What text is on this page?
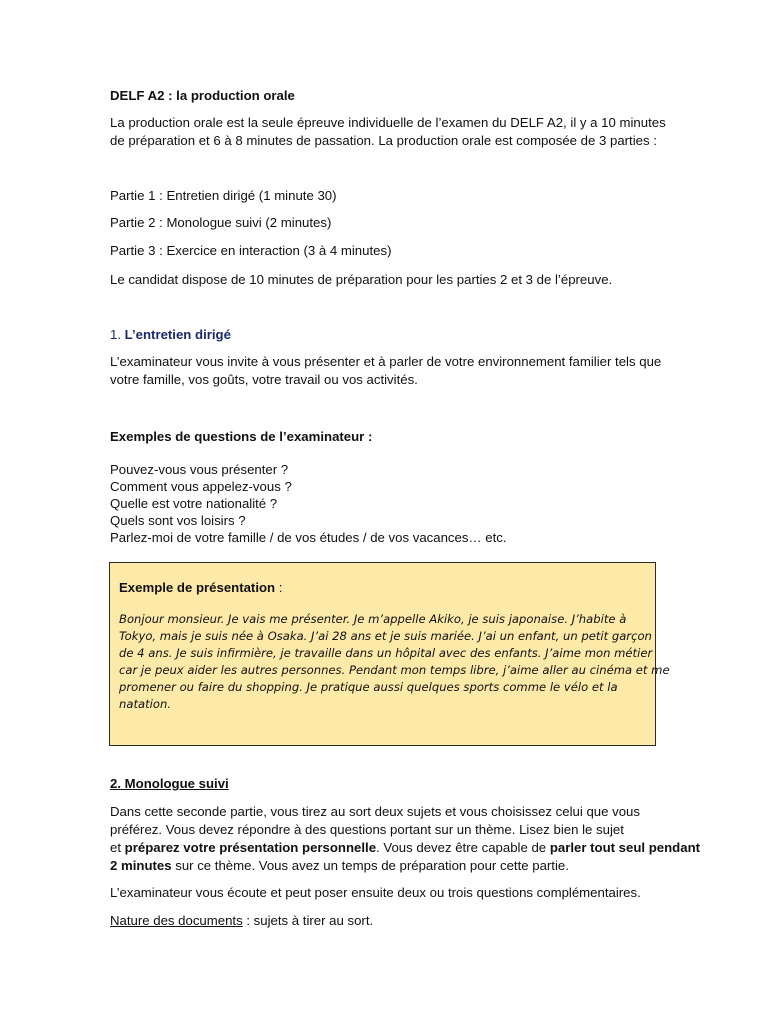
DELF A2 : la production orale
La production orale est la seule épreuve individuelle de l’examen du DELF A2, il y a 10 minutes
de préparation et 6 à 8 minutes de passation. La production orale est composée de 3 parties :
Partie 1 : Entretien dirigé (1 minute 30)
Partie 2 : Monologue suivi (2 minutes)
Partie 3 : Exercice en interaction (3 à 4 minutes)
Le candidat dispose de 10 minutes de préparation pour les parties 2 et 3 de l’épreuve.
1. L’entretien dirigé
L’examinateur vous invite à vous présenter et à parler de votre environnement familier tels que
votre famille, vos goûts, votre travail ou vos activités.
Exemples de questions de l’examinateur :
Pouvez-vous vous présenter ?
Comment vous appelez-vous ?
Quelle est votre nationalité ?
Quels sont vos loisirs ?
Parlez-moi de votre famille / de vos études / de vos vacances… etc.
Exemple de présentation :
Bonjour monsieur. Je vais me présenter. Je m’appelle Akiko, je suis japonaise. J’habite à
Tokyo, mais je suis née à Osaka. J’ai 28 ans et je suis mariée. J’ai un enfant, un petit garçon
de 4 ans. Je suis infirmière, je travaille dans un hôpital avec des enfants. J’aime mon métier
car je peux aider les autres personnes. Pendant mon temps libre, j’aime aller au cinéma et me
promener ou faire du shopping. Je pratique aussi quelques sports comme le vélo et la
natation.
2. Monologue suivi
Dans cette seconde partie, vous tirez au sort deux sujets et vous choisissez celui que vous
préférez. Vous devez répondre à des questions portant sur un thème. Lisez bien le sujet
et préparez votre présentation personnelle. Vous devez être capable de parler tout seul pendant
2 minutes sur ce thème. Vous avez un temps de préparation pour cette partie.
L’examinateur vous écoute et peut poser ensuite deux ou trois questions complémentaires.
Nature des documents : sujets à tirer au sort.
